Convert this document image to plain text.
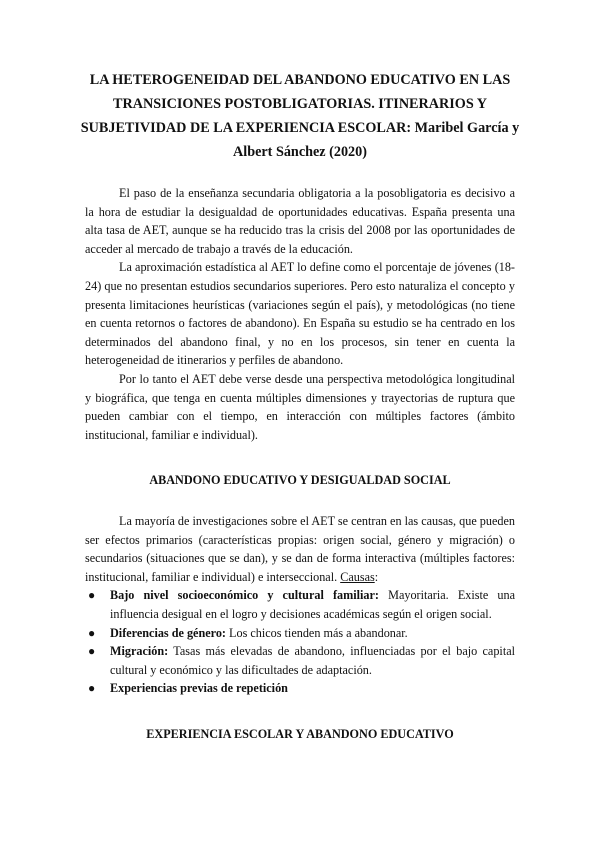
LA HETEROGENEIDAD DEL ABANDONO EDUCATIVO EN LAS TRANSICIONES POSTOBLIGATORIAS. ITINERARIOS Y SUBJETIVIDAD DE LA EXPERIENCIA ESCOLAR: Maribel García y Albert Sánchez (2020)

El paso de la enseñanza secundaria obligatoria a la posobligatoria es decisivo a la hora de estudiar la desigualdad de oportunidades educativas. España presenta una alta tasa de AET, aunque se ha reducido tras la crisis del 2008 por las oportunidades de acceder al mercado de trabajo a través de la educación.

La aproximación estadística al AET lo define como el porcentaje de jóvenes (18-24) que no presentan estudios secundarios superiores. Pero esto naturaliza el concepto y presenta limitaciones heurísticas (variaciones según el país), y metodológicas (no tiene en cuenta retornos o factores de abandono). En España su estudio se ha centrado en los determinados del abandono final, y no en los procesos, sin tener en cuenta la heterogeneidad de itinerarios y perfiles de abandono.

Por lo tanto el AET debe verse desde una perspectiva metodológica longitudinal y biográfica, que tenga en cuenta múltiples dimensiones y trayectorias de ruptura que pueden cambiar con el tiempo, en interacción con múltiples factores (ámbito institucional, familiar e individual).

ABANDONO EDUCATIVO Y DESIGUALDAD SOCIAL

La mayoría de investigaciones sobre el AET se centran en las causas, que pueden ser efectos primarios (características propias: origen social, género y migración) o secundarios (situaciones que se dan), y se dan de forma interactiva (múltiples factores: institucional, familiar e individual) e interseccional. Causas:

● Bajo nivel socioeconómico y cultural familiar: Mayoritaria. Existe una influencia desigual en el logro y decisiones académicas según el origen social.
● Diferencias de género: Los chicos tienden más a abandonar.
● Migración: Tasas más elevadas de abandono, influenciadas por el bajo capital cultural y económico y las dificultades de adaptación.
● Experiencias previas de repetición
EXPERIENCIA ESCOLAR Y ABANDONO EDUCATIVO
